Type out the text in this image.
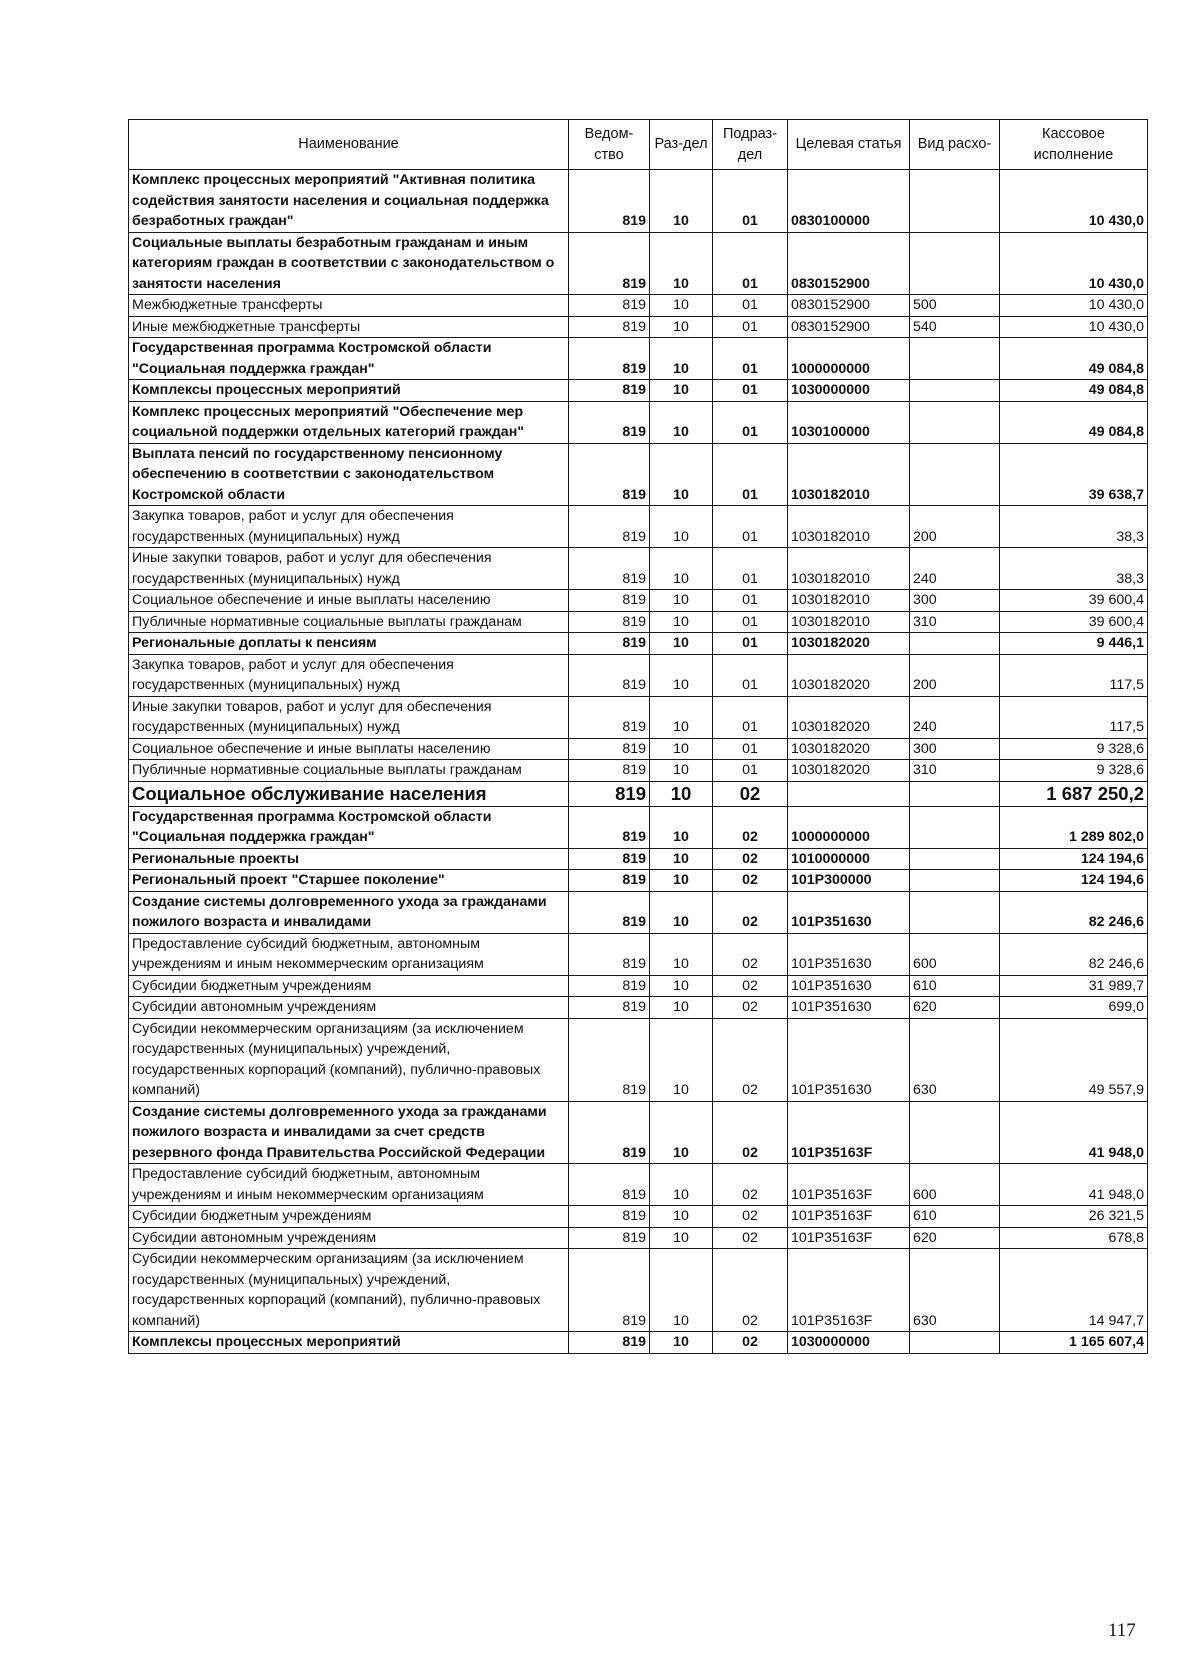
Наименование	Ведом-ство	Раз-дел	Подраз-дел	Целевая статья	Вид расхо-	Кассовое исполнение
Комплекс процессных мероприятий "Активная политика содействия занятости населения и социальная поддержка безработных граждан"	819	10	01	0830100000		10 430,0
Социальные выплаты безработным гражданам и иным категориям граждан в соответствии с законодательством о занятости населения	819	10	01	0830152900		10 430,0
Межбюджетные трансферты	819	10	01	0830152900	500	10 430,0
Иные межбюджетные трансферты	819	10	01	0830152900	540	10 430,0
Государственная программа Костромской области "Социальная поддержка граждан"	819	10	01	1000000000		49 084,8
Комплексы процессных мероприятий	819	10	01	1030000000		49 084,8
Комплекс процессных мероприятий "Обеспечение мер социальной поддержки отдельных категорий граждан"	819	10	01	1030100000		49 084,8
Выплата пенсий по государственному пенсионному обеспечению в соответствии с законодательством Костромской области	819	10	01	1030182010		39 638,7
Закупка товаров, работ и услуг для обеспечения государственных (муниципальных) нужд	819	10	01	1030182010	200	38,3
Иные закупки товаров, работ и услуг для обеспечения государственных (муниципальных) нужд	819	10	01	1030182010	240	38,3
Социальное обеспечение и иные выплаты населению	819	10	01	1030182010	300	39 600,4
Публичные нормативные социальные выплаты гражданам	819	10	01	1030182010	310	39 600,4
Региональные доплаты к пенсиям	819	10	01	1030182020		9 446,1
Закупка товаров, работ и услуг для обеспечения государственных (муниципальных) нужд	819	10	01	1030182020	200	117,5
Иные закупки товаров, работ и услуг для обеспечения государственных (муниципальных) нужд	819	10	01	1030182020	240	117,5
Социальное обеспечение и иные выплаты населению	819	10	01	1030182020	300	9 328,6
Публичные нормативные социальные выплаты гражданам	819	10	01	1030182020	310	9 328,6
Социальное обслуживание населения	819	10	02			1 687 250,2
Государственная программа Костромской области "Социальная поддержка граждан"	819	10	02	1000000000		1 289 802,0
Региональные проекты	819	10	02	1010000000		124 194,6
Региональный проект "Старшее поколение"	819	10	02	101P300000		124 194,6
Создание системы долговременного ухода за гражданами пожилого возраста и инвалидами	819	10	02	101P351630		82 246,6
Предоставление субсидий бюджетным, автономным учреждениям и иным некоммерческим организациям	819	10	02	101P351630	600	82 246,6
Субсидии бюджетным учреждениям	819	10	02	101P351630	610	31 989,7
Субсидии автономным учреждениям	819	10	02	101P351630	620	699,0
Субсидии некоммерческим организациям (за исключением государственных (муниципальных) учреждений, государственных корпораций (компаний), публично-правовых компаний)	819	10	02	101P351630	630	49 557,9
Создание системы долговременного ухода за гражданами пожилого возраста и инвалидами за счет средств резервного фонда Правительства Российской Федерации	819	10	02	101P35163F		41 948,0
Предоставление субсидий бюджетным, автономным учреждениям и иным некоммерческим организациям	819	10	02	101P35163F	600	41 948,0
Субсидии бюджетным учреждениям	819	10	02	101P35163F	610	26 321,5
Субсидии автономным учреждениям	819	10	02	101P35163F	620	678,8
Субсидии некоммерческим организациям (за исключением государственных (муниципальных) учреждений, государственных корпораций (компаний), публично-правовых компаний)	819	10	02	101P35163F	630	14 947,7
Комплексы процессных мероприятий	819	10	02	1030000000		1 165 607,4
117
